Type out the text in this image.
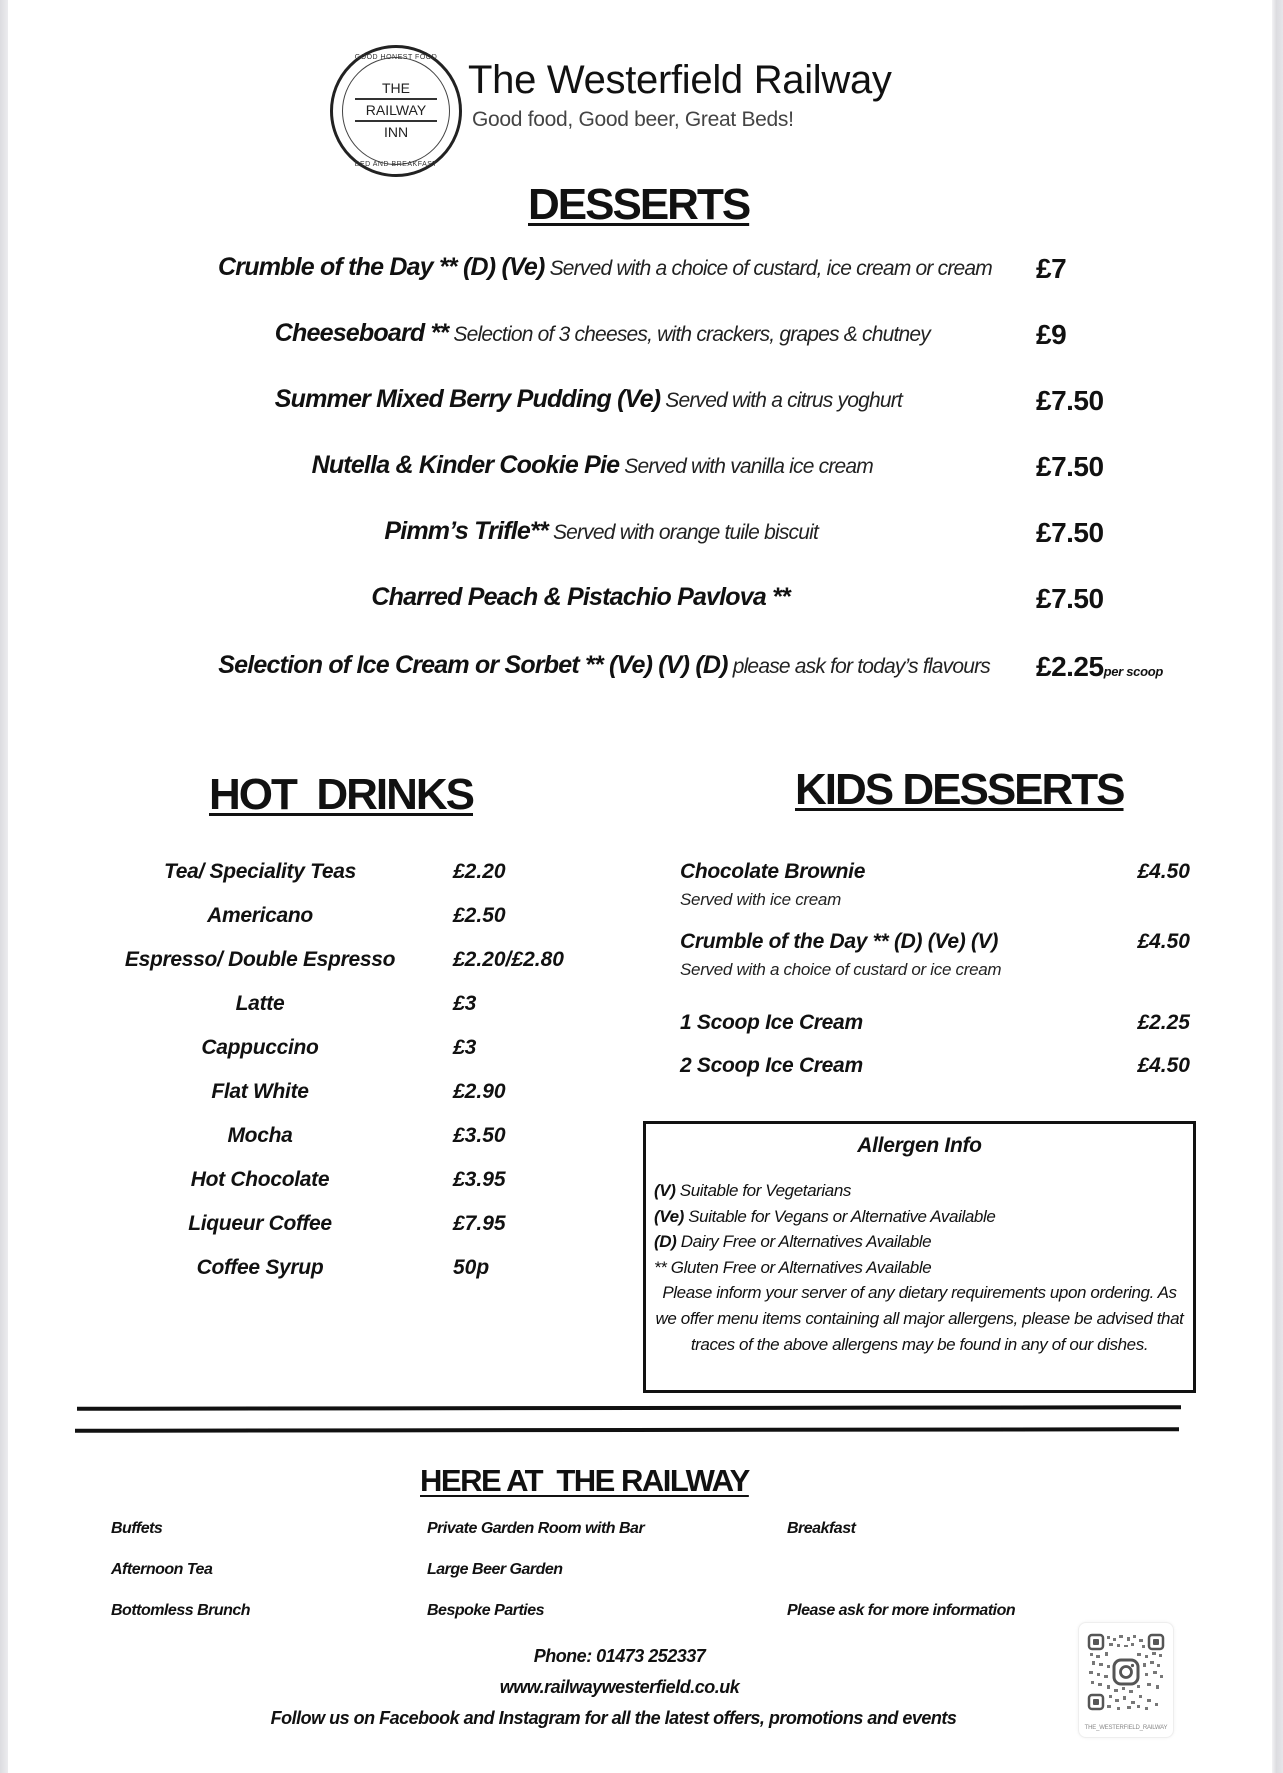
GOOD HONEST FOOD
THE
RAILWAY
INN
BED AND BREAKFAST
The Westerfield Railway
Good food, Good beer, Great Beds!
DESSERTS
Crumble of the Day ** (D) (Ve) Served with a choice of custard, ice cream or cream £7
Cheeseboard ** Selection of 3 cheeses, with crackers, grapes & chutney	£9
Summer Mixed Berry Pudding (Ve) Served with a citrus yoghurt	£7.50
Nutella & Kinder Cookie Pie Served with vanilla ice cream	£7.50
Pimm’s Trifle** Served with orange tuile biscuit	£7.50
Charred Peach & Pistachio Pavlova **	£7.50
Selection of Ice Cream or Sorbet ** (Ve) (V) (D) please ask for today’s flavours £2.25per scoop
HOT  DRINKS
Tea/ Speciality Teas	£2.20
Americano	£2.50
Espresso/ Double Espresso	£2.20/£2.80
Latte	£3
Cappuccino	£3
Flat White	£2.90
Mocha	£3.50
Hot Chocolate	£3.95
Liqueur Coffee	£7.95
Coffee Syrup	50p
KIDS DESSERTS
Chocolate Brownie	£4.50
Served with ice cream
Crumble of the Day ** (D) (Ve) (V)	£4.50
Served with a choice of custard or ice cream
1 Scoop Ice Cream	£2.25
2 Scoop Ice Cream	£4.50
Allergen Info
(V) Suitable for Vegetarians
(Ve) Suitable for Vegans or Alternative Available
(D) Dairy Free or Alternatives Available
** Gluten Free or Alternatives Available
Please inform your server of any dietary requirements upon ordering. As we offer menu items containing all major allergens, please be advised that traces of the above allergens may be found in any of our dishes.
HERE AT  THE RAILWAY
Buffets
Afternoon Tea
Bottomless Brunch
Private Garden Room with Bar
Large Beer Garden
Bespoke Parties
Breakfast
Please ask for more information
Phone: 01473 252337
www.railwaywesterfield.co.uk
Follow us on Facebook and Instagram for all the latest offers, promotions and events	THE_WESTERFIELD_RAILWAY
